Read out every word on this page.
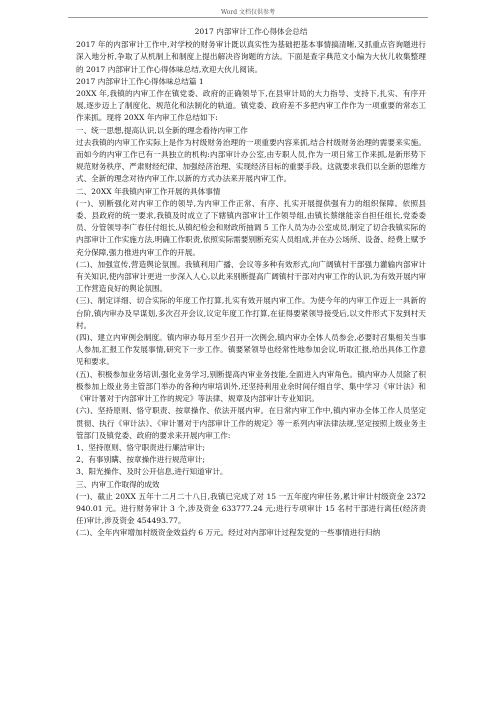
Word 文档仅供参考
2017 内部审计工作心得体会总结

2017 年的内部审计工作中,对学校的财务审计既以真实性为基础把基本事情搞清晰,又抓重点咨询题进行深入地分析,争取了从机制上和制度上提出解决咨询题的方法。下面是查字典范文小编为大伙儿收集整理的 2017 内部审计工作心得体味总结,欢迎大伙儿阅读。

2017 内部审计工作心得体味总结篇 1

20XX 年,我镇的内审工作在镇党委、政府的正确领导下,在县审计局的大力指导、支持下,扎实、有序开展,逐步迈上了制度化、规范化和法制化的轨道。镇党委、政府差不多把内审工作作为一项重要的常态工作来抓。现将 20XX 年内审工作总结如下:

一、统一思想,提高认识,以全新的理念看待内审工作

过去我镇的内审工作实际上是作为村级财务治理的一项重要内容来抓,结合村级财务治理的需要来实施。而如今的内审工作已有一具独立的机构:内部审计办公室,由专职人员,作为一项日常工作来抓,是新形势下规范财务秩序、严肃财经纪律、加强经济治理、实现经济目标的重要手段。这就要求我们以全新的思维方式、全新的理念对待内审工作,以新的方式办法来开展内审工作。

二、20XX 年我镇内审工作开展的具体事情

(一)、别断强化对内审工作的领导,为内审工作正常、有序、扎实开展提供强有力的组织保障。依照县委、县政府的统一要求,我镇及时成立了下辖镇内部审计工作领导组,由镇长蔡继能亲自担任组长,党委委员、分管领导李广春任付组长,从镇纪检会和财政所抽调 5 工作人员为办公室成员,制定了切合我镇实际的内部审计工作实施方法,明确工作职责,依照实际需要别断充实人员组成,并在办公场所、设备、经费上赋予充分保障,强力推进内审工作的开展。

(二)、加强宣传,营造舆论氛围。我镇利用广播、会议等多种有效形式,向广阔镇村干部强力灌输内部审计有关知识,使内部审计更进一步深入人心,以此来别断提高广阔镇村干部对内审工作的认识,为有效开展内审工作营造良好的舆论氛围。

(三)、制定详细、切合实际的年度工作打算,扎实有效开展内审工作。为使今年的内审工作迈上一具新的台阶,镇内审办及早谋划,多次召开会议,议定年度工作打算,在征得要紧领导接受后,以文件形式下发到村天村。

(四)、建立内审例会制度。镇内审办每月至少召开一次例会,镇内审办全体人员参会,必要时召集相关当事人参加,汇报工作发展事情,研究下一步工作。镇要紧领导也经常性地参加会议,听取汇报,给出具体工作意见和要求。

(五)、积极参加业务培训,强化业务学习,别断提高内审业务技能,全面进入内审角色。镇内审办人员除了积极参加上级业务主管部门举办的各种内审培训外,还坚持利用业余时间仔细自学、集中学习《审计法》和《审计署对于内部审计工作的规定》等法律、规章及内部审计专业知识。

(六)、坚持原则、恪守职责、按章操作、依法开展内审。在日常内审工作中,镇内审办全体工作人员坚定贯彻、执行《审计法》、《审计署对于内部审计工作的规定》等一系列内审法律法规,坚定按照上级业务主管部门及镇党委、政府的要求来开展内审工作:

1、坚持原则、恪守职责进行廉洁审计;

2、有事别瞒、按章操作进行规范审计;

3、阳光操作、及时公开信息,进行知道审计。

三、内审工作取得的成效

(一)、截止 20XX 五年十二月二十八日,我镇已完成了对 15 一五年度内审任务,累计审计村级资金 2372940.01 元。进行财务审计 3 个,涉及资金 633777.24 元;进行专项审计 15 名村干部进行离任(经济责任)审计,涉及资金 454493.77。

(二)、全年内审增加村级资金效益约 6 万元。经过对内部审计过程发觉的一些事情进行归纳
